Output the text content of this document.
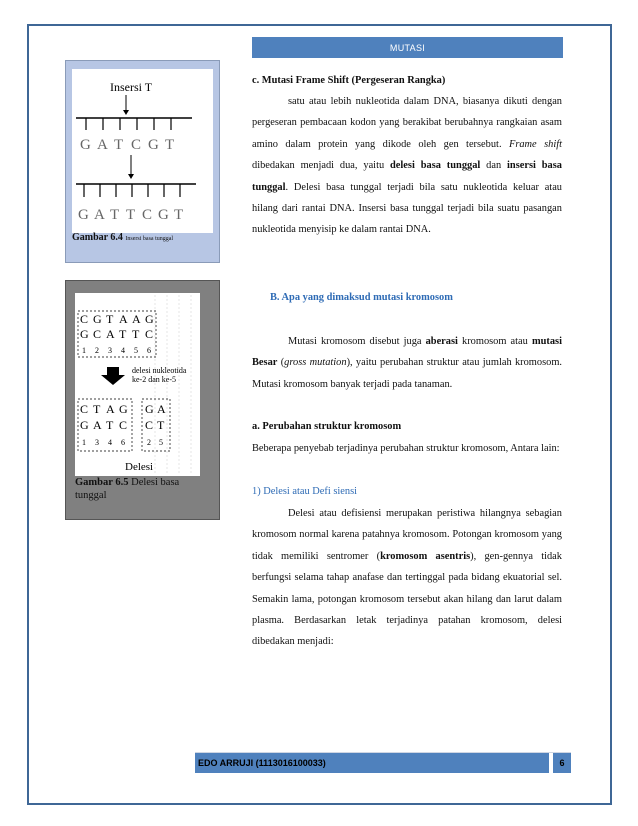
MUTASI
Insersi T
G A T C G T
G A T T C G T
Gambar 6.4 Insersi basa tunggal
C G T A A G
G C A T T C
1 2 3 4 5 6
delesi nukleotida
ke-2 dan ke-5
C T A G
G A T C
1 3 4 6
G A
C T
2 5
Delesi
Gambar 6.5 Delesi basa tunggal
c. Mutasi Frame Shift (Pergeseran Rangka)
satu atau lebih nukleotida dalam DNA, biasanya dikuti dengan pergeseran pembacaan kodon yang berakibat berubahnya rangkaian asam amino dalam protein yang dikode oleh gen tersebut. Frame shift dibedakan menjadi dua, yaitu delesi basa tunggal dan insersi basa tunggal. Delesi basa tunggal terjadi bila satu nukleotida keluar atau hilang dari rantai DNA. Insersi basa tunggal terjadi bila suatu pasangan nukleotida menyisip ke dalam rantai DNA.
B. Apa yang dimaksud mutasi kromosom
Mutasi kromosom disebut juga aberasi kromosom atau mutasi Besar (gross mutation), yaitu perubahan struktur atau jumlah kromosom. Mutasi kromosom banyak terjadi pada tanaman.
a. Perubahan struktur kromosom
Beberapa penyebab terjadinya perubahan struktur kromosom, Antara lain:
1) Delesi atau Defi siensi
Delesi atau defisiensi merupakan peristiwa hilangnya sebagian kromosom normal karena patahnya kromosom. Potongan kromosom yang tidak memiliki sentromer (kromosom asentris), gen-gennya tidak berfungsi selama tahap anafase dan tertinggal pada bidang ekuatorial sel. Semakin lama, potongan kromosom tersebut akan hilang dan larut dalam plasma. Berdasarkan letak terjadinya patahan kromosom, delesi dibedakan menjadi:
EDO ARRUJI (1113016100033)	6
